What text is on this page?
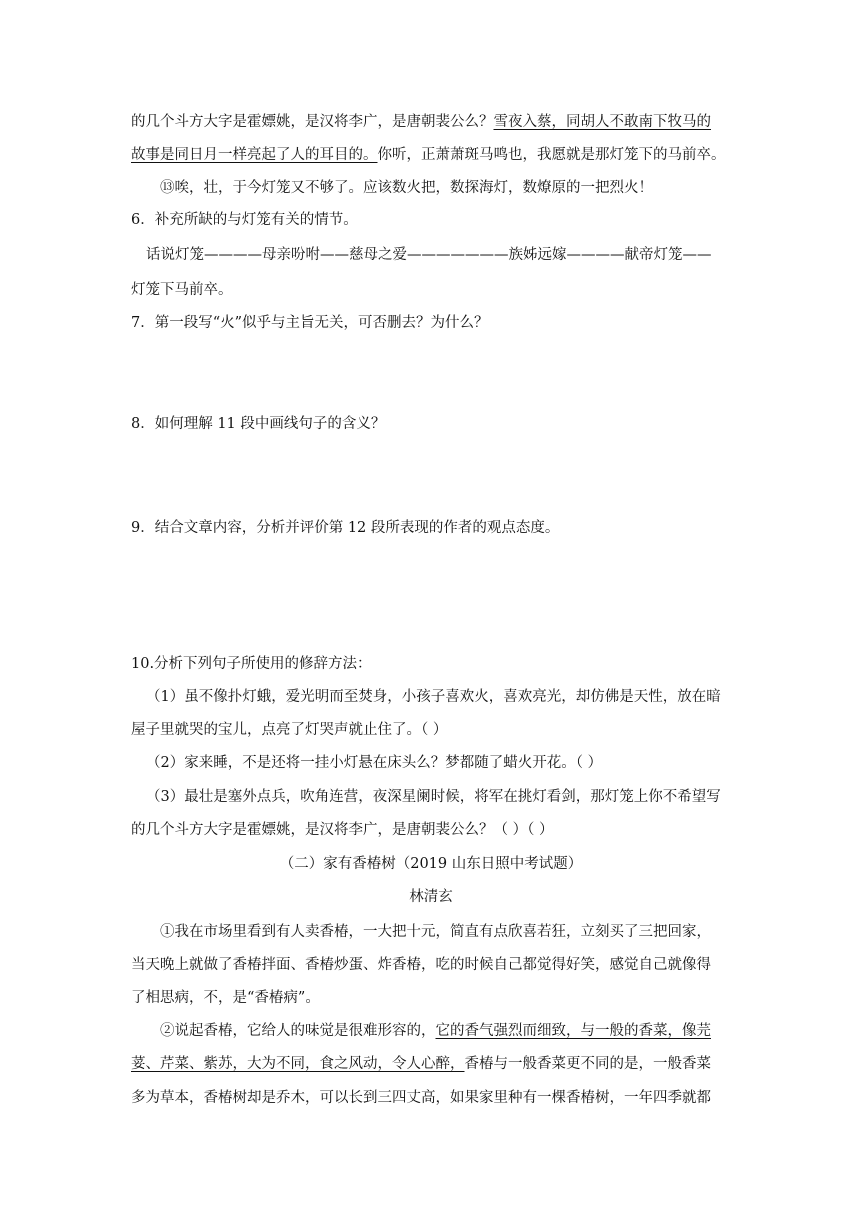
的几个斗方大字是霍嫖姚，是汉将李广，是唐朝裴公么？雪夜入蔡，同胡人不敢南下牧马的
故事是同日月一样亮起了人的耳目的。你听，正萧萧斑马鸣也，我愿就是那灯笼下的马前卒。
⑬唉，壮，于今灯笼又不够了。应该数火把，数探海灯，数燎原的一把烈火！
6．补充所缺的与灯笼有关的情节。
话说灯笼————母亲吩咐——慈母之爱———————族姊远嫁————献帝灯笼——
灯笼下马前卒。
7．第一段写“火”似乎与主旨无关，可否删去？为什么？
8．如何理解 11 段中画线句子的含义？
9．结合文章内容，分析并评价第 12 段所表现的作者的观点态度。
10.分析下列句子所使用的修辞方法：
（1）虽不像扑灯蛾，爱光明而至焚身，小孩子喜欢火，喜欢亮光，却仿佛是天性，放在暗
屋子里就哭的宝儿，点亮了灯哭声就止住了。（ ）
（2）家来睡，不是还将一挂小灯悬在床头么？梦都随了蜡火开花。（ ）
（3）最壮是塞外点兵，吹角连营，夜深星阑时候，将军在挑灯看剑，那灯笼上你不希望写
的几个斗方大字是霍嫖姚，是汉将李广，是唐朝裴公么？（ ）（ ）
（二）家有香椿树（2019 山东日照中考试题）
林清玄
①我在市场里看到有人卖香椿，一大把十元，简直有点欣喜若狂，立刻买了三把回家，
当天晚上就做了香椿拌面、香椿炒蛋、炸香椿，吃的时候自己都觉得好笑，感觉自己就像得
了相思病，不，是“香椿病”。
②说起香椿，它给人的味觉是很难形容的，它的香气强烈而细致，与一般的香菜，像芫
荽、芹菜、紫苏，大为不同，食之风动，令人心醉，香椿与一般香菜更不同的是，一般香菜
多为草本，香椿树却是乔木，可以长到三四丈高，如果家里种有一棵香椿树，一年四季就都
